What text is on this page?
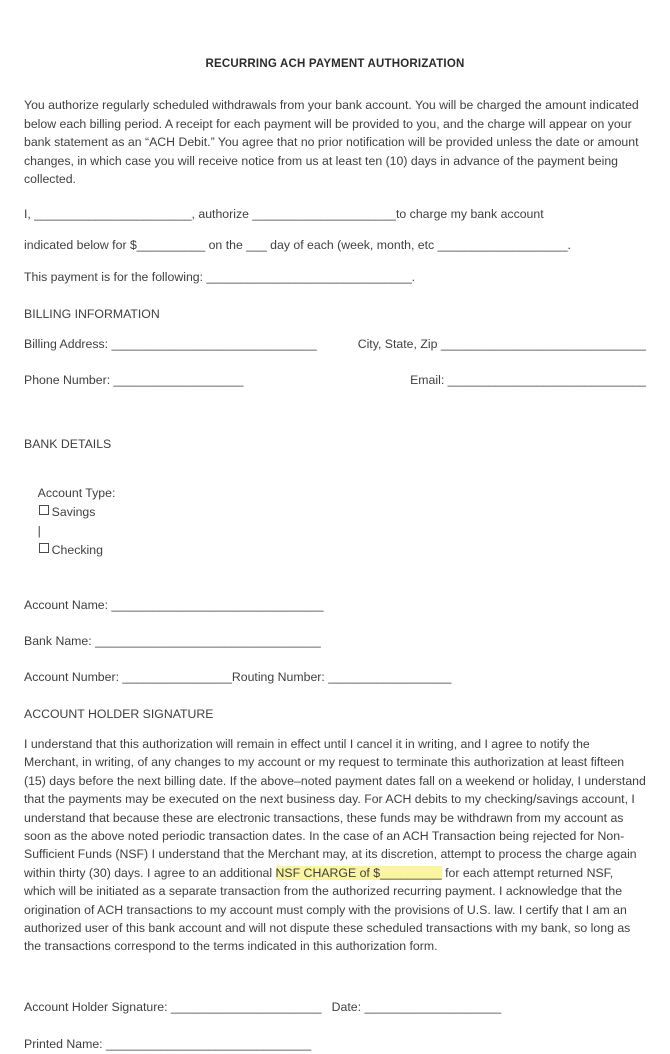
RECURRING ACH PAYMENT AUTHORIZATION

You authorize regularly scheduled withdrawals from your bank account. You will be charged the amount indicated below each billing period. A receipt for each payment will be provided to you, and the charge will appear on your bank statement as an “ACH Debit.” You agree that no prior notification will be provided unless the date or amount changes, in which case you will receive notice from us at least ten (10) days in advance of the payment being collected.

I, _______________________, authorize _____________________to charge my bank account
indicated below for $__________ on the ___ day of each (week, month, etc ___________________.
This payment is for the following: ______________________________.
BILLING INFORMATION
Billing Address: ______________________________	City, State, Zip ______________________________
Phone Number: ___________________	Email: _____________________________
BANK DETAILS

Account Type:
Savings
|
Checking

Account Name: _______________________________
Bank Name: _________________________________
Account Number: ________________Routing Number: __________________
ACCOUNT HOLDER SIGNATURE

I understand that this authorization will remain in effect until I cancel it in writing, and I agree to notify the Merchant, in writing, of any changes to my account or my request to terminate this authorization at least fifteen (15) days before the next billing date. If the above–noted payment dates fall on a weekend or holiday, I understand that the payments may be executed on the next business day. For ACH debits to my checking/savings account, I understand that because these are electronic transactions, these funds may be withdrawn from my account as soon as the above noted periodic transaction dates. In the case of an ACH Transaction being rejected for Non-Sufficient Funds (NSF) I understand that the Merchant may, at its discretion, attempt to process the charge again within thirty (30) days. I agree to an additional NSF CHARGE of $_________ for each attempt returned NSF, which will be initiated as a separate transaction from the authorized recurring payment. I acknowledge that the origination of ACH transactions to my account must comply with the provisions of U.S. law. I certify that I am an authorized user of this bank account and will not dispute these scheduled transactions with my bank, so long as the transactions correspond to the terms indicated in this authorization form.

Account Holder Signature: ______________________ Date: ____________________
Printed Name: ______________________________
